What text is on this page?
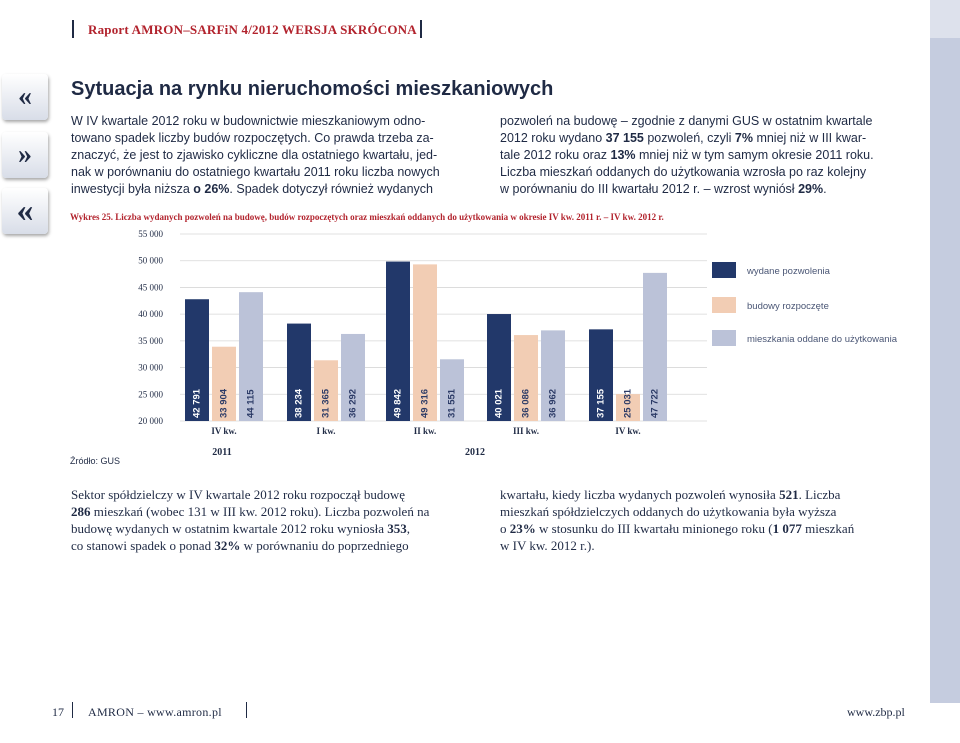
Raport AMRON–SARFiN 4/2012 WERSJA SKRÓCONA
«
»
«
Sytuacja na rynku nieruchomości mieszkaniowych
W IV kwartale 2012 roku w budownictwie mieszkaniowym odno-
towano spadek liczby budów rozpoczętych. Co prawda trzeba za-
znaczyć, że jest to zjawisko cykliczne dla ostatniego kwartału, jed-
nak w porównaniu do ostatniego kwartału 2011 roku liczba nowych
inwestycji była niższa o 26%. Spadek dotyczył również wydanych
pozwoleń na budowę – zgodnie z danymi GUS w ostatnim kwartale
2012 roku wydano 37 155 pozwoleń, czyli 7% mniej niż w III kwar-
tale 2012 roku oraz 13% mniej niż w tym samym okresie 2011 roku.
Liczba mieszkań oddanych do użytkowania wzrosła po raz kolejny
w porównaniu do III kwartału 2012 r. – wzrost wyniósł 29%.
Wykres 25. Liczba wydanych pozwoleń na budowę, budów rozpoczętych oraz mieszkań oddanych do użytkowania w okresie IV kw. 2011 r. – IV kw. 2012 r.
20 000
25 000
30 000
35 000
40 000
45 000
50 000
55 000
42 791 33 904 44 115
IV kw.
38 234 31 365 36 292
I kw.
49 842 49 316 31 551
II kw.
40 021 36 086 36 962
III kw.
37 155 25 031 47 722
IV kw.
2011	2012
wydane pozwolenia
budowy rozpoczęte
mieszkania oddane do użytkowania
Źródło: GUS
Sektor spółdzielczy w IV kwartale 2012 roku rozpoczął budowę
286 mieszkań (wobec 131 w III kw. 2012 roku). Liczba pozwoleń na
budowę wydanych w ostatnim kwartale 2012 roku wyniosła 353,
co stanowi spadek o ponad 32% w porównaniu do poprzedniego
kwartału, kiedy liczba wydanych pozwoleń wynosiła 521. Liczba
mieszkań spółdzielczych oddanych do użytkowania była wyższa
o 23% w stosunku do III kwartału minionego roku (1 077 mieszkań
w IV kw. 2012 r.).
17 AMRON – www.amron.pl	www.zbp.pl
